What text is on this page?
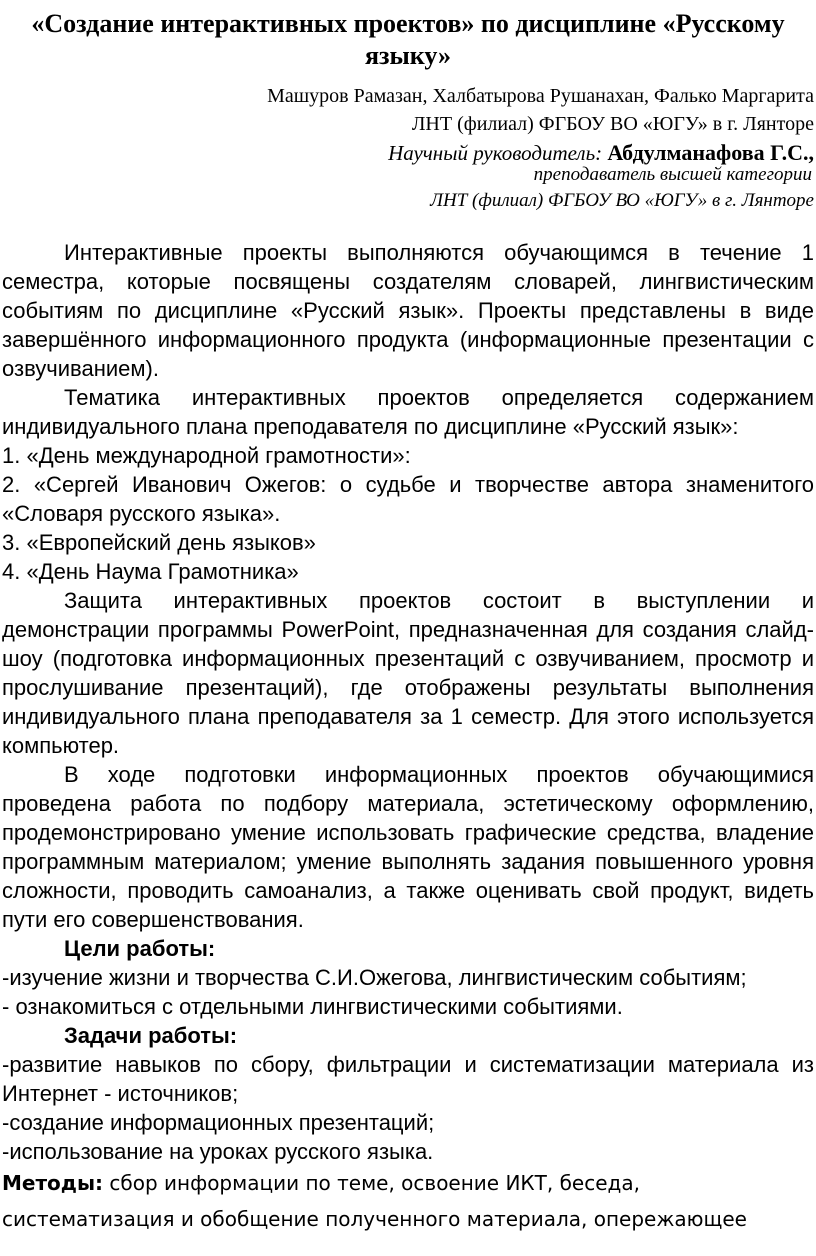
«Создание интерактивных проектов» по дисциплине «Русскому языку»
Машуров Рамазан, Халбатырова Рушанахан, Фалько Маргарита
ЛНТ (филиал) ФГБОУ ВО «ЮГУ» в г. Лянторе
Научный руководитель: Абдулманафова Г.С.,
преподаватель высшей категории
ЛНТ (филиал) ФГБОУ ВО «ЮГУ» в г. Лянторе

Интерактивные проекты выполняются обучающимся в течение 1 семестра, которые посвящены создателям словарей, лингвистическим событиям по дисциплине «Русский язык». Проекты представлены в виде завершённого информационного продукта (информационные презентации с озвучиванием).

Тематика интерактивных проектов определяется содержанием индивидуального плана преподавателя по дисциплине «Русский язык»:

1. «День международной грамотности»:
2. «Сергей Иванович Ожегов: о судьбе и творчестве автора знаменитого «Словаря русского языка».
3. «Европейский день языков»
4. «День Наума Грамотника»

Защита интерактивных проектов состоит в выступлении и демонстрации программы PowerPoint, предназначенная для создания слайд-шоу (подготовка информационных презентаций с озвучиванием, просмотр и прослушивание презентаций), где отображены результаты выполнения индивидуального плана преподавателя за 1 семестр. Для этого используется компьютер.

В ходе подготовки информационных проектов обучающимися проведена работа по подбору материала, эстетическому оформлению, продемонстрировано умение использовать графические средства, владение программным материалом; умение выполнять задания повышенного уровня сложности, проводить самоанализ, а также оценивать свой продукт, видеть пути его совершенствования.

Цели работы:

-изучение жизни и творчества С.И.Ожегова, лингвистическим событиям;

- ознакомиться с отдельными лингвистическими событиями.

Задачи работы:

-развитие навыков по сбору, фильтрации и систематизации материала из Интернет - источников;

-создание информационных презентаций;

-использование на уроках русского языка.

Методы: сбор информации по теме, освоение ИКТ, беседа, систематизация и обобщение полученного материала, опережающее
